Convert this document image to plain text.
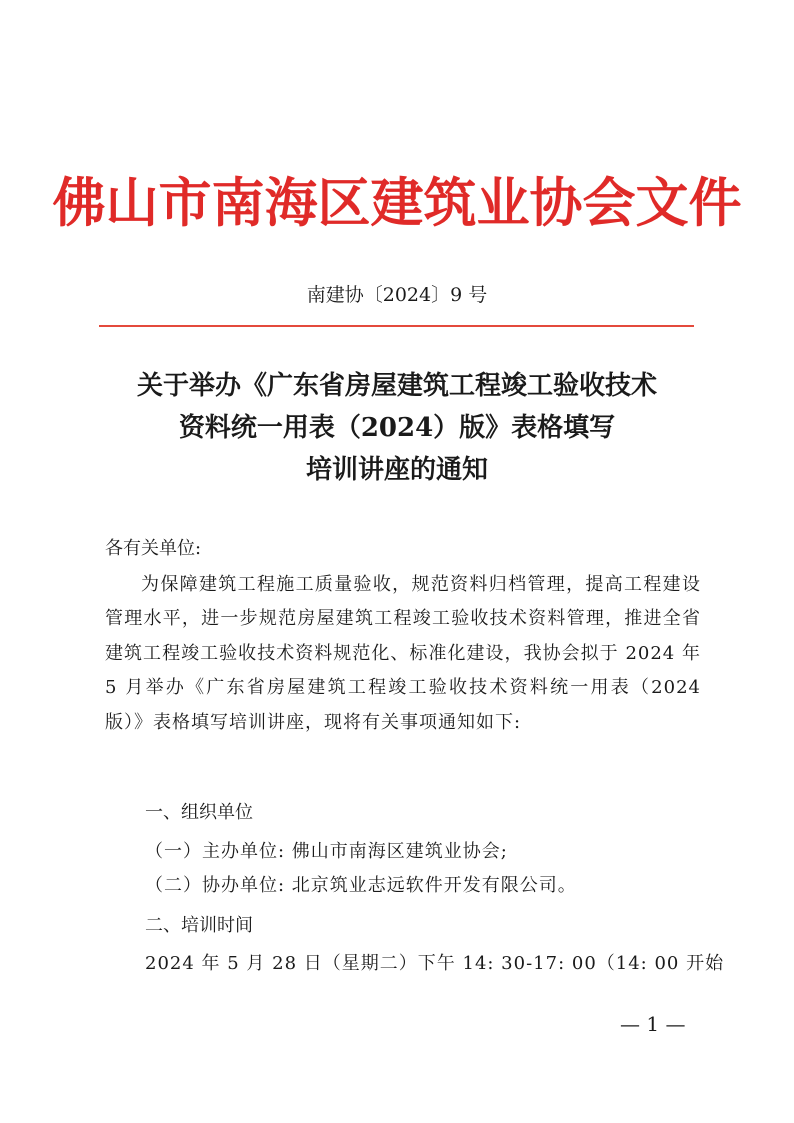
佛山市南海区建筑业协会文件
南建协〔2024〕9 号
关于举办《广东省房屋建筑工程竣工验收技术
资料统一用表（2024）版》表格填写
培训讲座的通知
各有关单位:
为保障建筑工程施工质量验收，规范资料归档管理，提高工程建设管理水平，进一步规范房屋建筑工程竣工验收技术资料管理，推进全省建筑工程竣工验收技术资料规范化、标准化建设，我协会拟于 2024 年 5 月举办《广东省房屋建筑工程竣工验收技术资料统一用表（2024 版）》表格填写培训讲座，现将有关事项通知如下:
一、组织单位
（一）主办单位: 佛山市南海区建筑业协会;
（二）协办单位: 北京筑业志远软件开发有限公司。
二、培训时间
2024 年 5 月 28 日（星期二）下午 14: 30-17: 00（14: 00 开始
— 1 —
